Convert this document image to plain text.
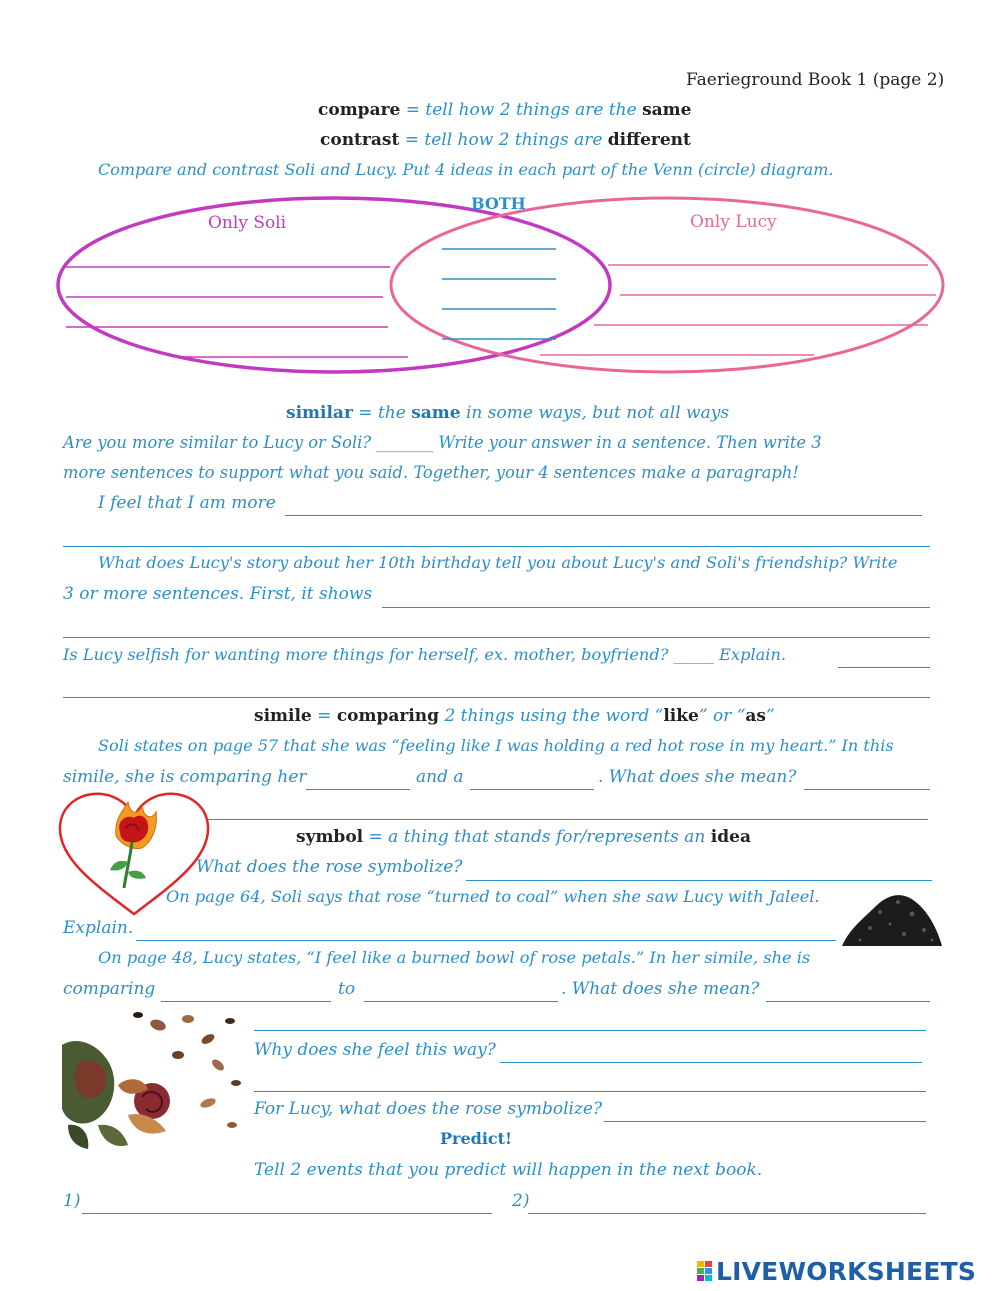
Faerieground Book 1 (page 2)
compare = tell how 2 things are the same
contrast = tell how 2 things are different
Compare and contrast Soli and Lucy. Put 4 ideas in each part of the Venn (circle) diagram.
BOTH
Only Soli	Only Lucy
similar = the same in some ways, but not all ways
Are you more similar to Lucy or Soli? _______ Write your answer in a sentence. Then write 3
more sentences to support what you said. Together, your 4 sentences make a paragraph!
I feel that I am more
What does Lucy's story about her 10th birthday tell you about Lucy's and Soli's friendship? Write
3 or more sentences. First, it shows
Is Lucy selfish for wanting more things for herself, ex. mother, boyfriend? _____ Explain.
simile = comparing 2 things using the word “like” or “as”
Soli states on page 57 that she was “feeling like I was holding a red hot rose in my heart.” In this
simile, she is comparing her	and a	. What does she mean?
symbol = a thing that stands for/represents an idea
What does the rose symbolize?
On page 64, Soli says that rose “turned to coal” when she saw Lucy with Jaleel.
Explain.
On page 48, Lucy states, “I feel like a burned bowl of rose petals.” In her simile, she is
comparing	to	. What does she mean?
Why does she feel this way?
For Lucy, what does the rose symbolize?
Predict!
Tell 2 events that you predict will happen in the next book.
1)	2)
LIVEWORKSHEETS
